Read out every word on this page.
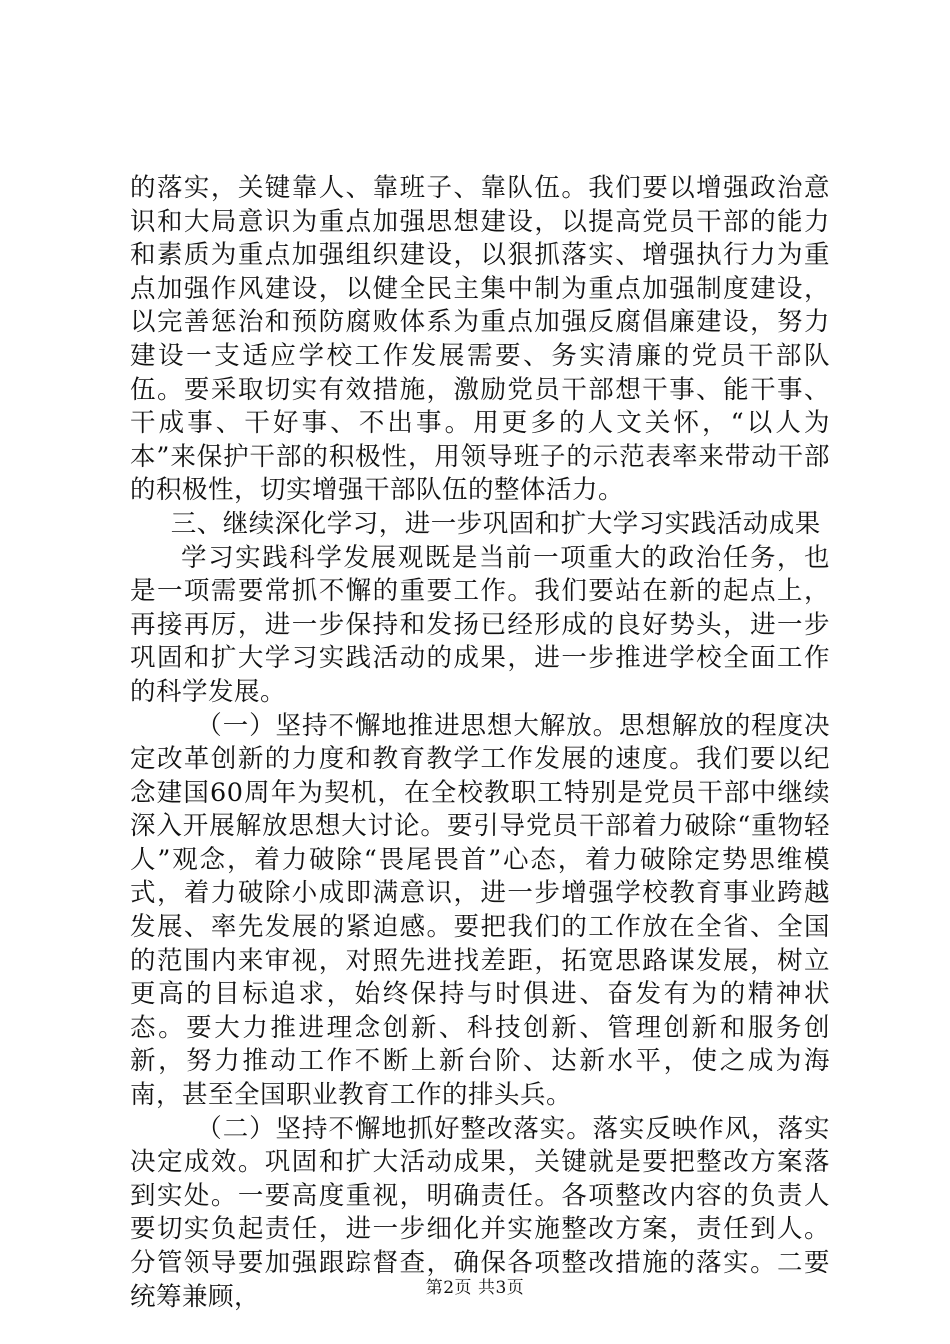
的落实，关键靠人、靠班子、靠队伍。我们要以增强政治意识和大局意识为重点加强思想建设，以提高党员干部的能力和素质为重点加强组织建设，以狠抓落实、增强执行力为重点加强作风建设，以健全民主集中制为重点加强制度建设，以完善惩治和预防腐败体系为重点加强反腐倡廉建设，努力建设一支适应学校工作发展需要、务实清廉的党员干部队伍。要采取切实有效措施，激励党员干部想干事、能干事、干成事、干好事、不出事。用更多的人文关怀，“以人为本”来保护干部的积极性，用领导班子的示范表率来带动干部的积极性，切实增强干部队伍的整体活力。

三、继续深化学习，进一步巩固和扩大学习实践活动成果

学习实践科学发展观既是当前一项重大的政治任务，也是一项需要常抓不懈的重要工作。我们要站在新的起点上，再接再厉，进一步保持和发扬已经形成的良好势头，进一步巩固和扩大学习实践活动的成果，进一步推进学校全面工作的科学发展。

（一）坚持不懈地推进思想大解放。思想解放的程度决定改革创新的力度和教育教学工作发展的速度。我们要以纪念建国60周年为契机，在全校教职工特别是党员干部中继续深入开展解放思想大讨论。要引导党员干部着力破除“重物轻人”观念，着力破除“畏尾畏首”心态，着力破除定势思维模式，着力破除小成即满意识，进一步增强学校教育事业跨越发展、率先发展的紧迫感。要把我们的工作放在全省、全国的范围内来审视，对照先进找差距，拓宽思路谋发展，树立更高的目标追求，始终保持与时俱进、奋发有为的精神状态。要大力推进理念创新、科技创新、管理创新和服务创新，努力推动工作不断上新台阶、达新水平，使之成为海南，甚至全国职业教育工作的排头兵。

（二）坚持不懈地抓好整改落实。落实反映作风，落实决定成效。巩固和扩大活动成果，关键就是要把整改方案落到实处。一要高度重视，明确责任。各项整改内容的负责人要切实负起责任，进一步细化并实施整改方案，责任到人。分管领导要加强跟踪督查，确保各项整改措施的落实。二要统筹兼顾，	第2页 共3页
